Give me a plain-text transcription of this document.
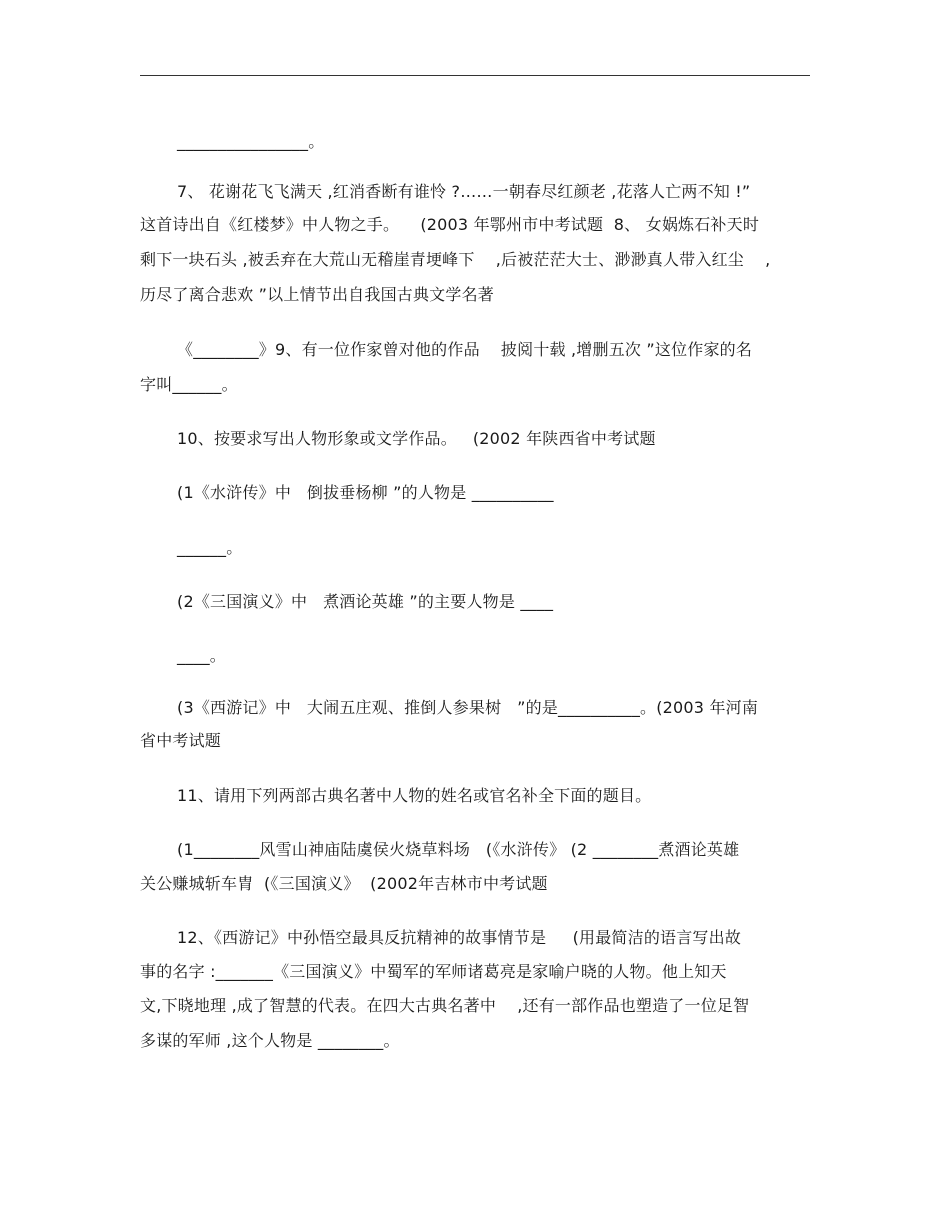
________________。
7、 花谢花飞飞满天 ,红消香断有谁怜 ?……一朝春尽红颜老 ,花落人亡两不知 !”
这首诗出自《红楼梦》中人物之手。    (2003 年鄂州市中考试题  8、 女娲炼石补天时
剩下一块石头 ,被丢弃在大荒山无稽崖青埂峰下    ,后被茫茫大士、渺渺真人带入红尘    ,
历尽了离合悲欢 ”以上情节出自我国古典文学名著
《________》9、有一位作家曾对他的作品    披阅十载 ,增删五次 ”这位作家的名
字叫______。
10、按要求写出人物形象或文学作品。   (2002 年陕西省中考试题
(1《水浒传》中   倒拔垂杨柳 ”的人物是 __________
______。
(2《三国演义》中   煮酒论英雄 ”的主要人物是 ____
____。
(3《西游记》中   大闹五庄观、推倒人参果树   ”的是__________。(2003 年河南
省中考试题
11、请用下列两部古典名著中人物的姓名或官名补全下面的题目。
(1________风雪山神庙陆虞侯火烧草料场   (《水浒传》 (2 ________煮酒论英雄
关公赚城斩车胄  (《三国演义》  (2002年吉林市中考试题
12、《西游记》中孙悟空最具反抗精神的故事情节是     (用最简洁的语言写出故
事的名字 :_______《三国演义》中蜀军的军师诸葛亮是家喻户晓的人物。他上知天
文,下晓地理 ,成了智慧的代表。在四大古典名著中    ,还有一部作品也塑造了一位足智
多谋的军师 ,这个人物是 ________。
